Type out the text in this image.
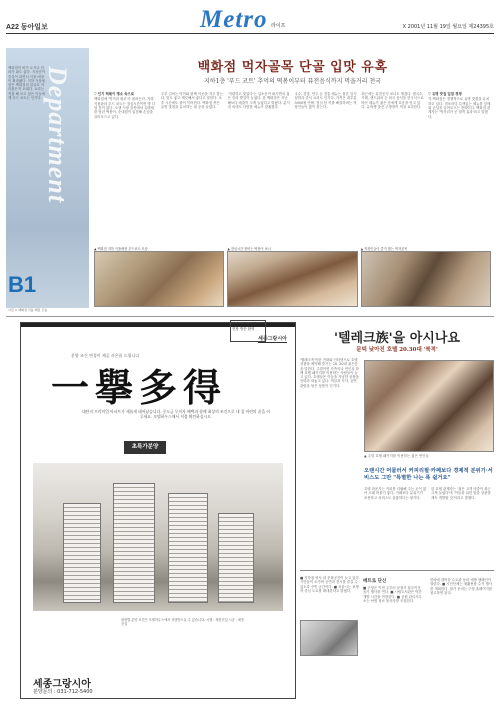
A22 동아일보	Metro 라이프	X 2001년 11월 19일 월요일 제24395호
백화점이 비가 오거나 한파가 와도 좋다. 지상층이 중심이 되면서 식품 매장이 확장됐다. 지하 식품매장은 백화점의 얼굴로 자리잡은지 오래다. 요리는 직접 해 보고 싶은 이들에게 푸드 코트는 인기다. Department
B1
사진 = 백화점 식품 매장 모습
백화점 먹자골목 단골 입맛 유혹
지하1층 '푸드 코트' 추억의 떡볶이부터 퓨전음식까지 먹을거리 천국

▽ 인기 떡볶이 명소 속으로

백화점에 '먹거리 원조'가 몰려든다. 지하 식품관의 푸드 코트는 점심시간이면 발 디딜 틈이 없다. 오랜 시장 골목에서 유명세를 탔던 떡볶이, 순대집이 입점해 손님을 끌어모으고 있다.

주부 김씨는 아이와 함께 이곳을 자주 찾는다. 맛도 좋고 깨끗해서 좋다고 말한다. 오후 시간에도 줄이 이어진다. 백화점 측은 유명 맛집을 유치하는 데 공을 들였다.

'저렴하고 맛있다'는 입소문이 퍼지면서 젊은 층의 발길이 늘었다. 한 백화점은 지난해보다 매출이 크게 늘었다고 밝혔다. 분식점 외에도 다양한 메뉴가 갖춰졌다.

국수, 김밥, 만두 등 전통 메뉴는 물론 일식 덮밥과 중식 요리도 인기다. 가격은 대부분 5000원 안팎. 점심 한 끼를 해결하려는 직장인들이 많이 찾는다.

최근에는 퓨전음식 코너도 생겼다. 쌀국수, 카레, 샌드위치 등 외국 음식을 한국식으로 바꾼 메뉴가 젊은 층에게 호응을 얻고 있다. 유학생 출신 주방장이 직접 요리한다.

▽ 유명 맛집 입점 경쟁

각 백화점은 경쟁적으로 유명 맛집을 유치하고 있다. 점포마다 특색있는 메뉴를 앞세워 손님을 끌어모으는 전략이다. 백화점 관계자는 '먹거리가 곧 집객 효과'라고 말했다.

▲ 백화점 지하 식품매장 푸드코트 모습	▲ 점심시간 붐비는 떡볶이 코너	▲ 직장인들이 즐겨 찾는 먹자골목
세종그랑시아
분양 조건 변경이 제공 사은품 드립니다
一擧多得
대단지 프리미엄 아파트가 새롭게 태어났습니다. 중도금 무이자 혜택과 함께 최상의 조건으로 내 집 마련의 꿈을 이루세요. 모델하우스에서 직접 확인하십시오.
초특가분양
평형별 분양 조건은 모델하우스에서 상담받으실 수 있습니다. 시행 : 세종건설 시공 : 세종건설
세종그랑시아
분양문의 : 031-712-5400
분양문의 모델하우스 현장 방문 환영
'텔레크族'을 아시나요
문턱 낮아진 호텔 20.30대 '북적'
'텔레크족'이란 전화와 인터넷으로 호텔 상품을 예약해 즐기는 20, 30대 젊은층을 말한다. 주말이면 가족이나 연인과 함께 호텔 패키지를 이용하는 사람들이 늘고 있다. 호텔들은 이들을 겨냥한 상품을 잇따라 내놓고 있다. 객실과 식사, 공연 관람을 묶은 상품이 인기다.
▲ 주말 호텔 패키지를 이용하는 젊은 연인들
오랜시간 머물러서 커피리필·카페보다 경제적 분위기·서비스도 그만 "특별한 나는 폭 쉴거요"
호텔 라운지는 커피를 리필해 주는 곳이 많아 오래 머물기 좋다. 카페보다 분위기가 조용하고 서비스도 훌륭하다는 평가다.
한 호텔 관계자는 '젊은 고객 비중이 최근 크게 늘었다'며 '이들을 위한 맞춤 상품을 계속 개발할 것'이라고 말했다.
■ 지하철 역사 내 문화공간이 늘고 있다. 시민들이 오가며 공연과 전시를 즐길 수 있도록 꾸민 공간이다. ■ 서울시는 보행자 중심 도로를 확대한다고 밝혔다.
메트로 단신
■ 구청은 이번 주부터 동절기 불우이웃 돕기 행사를 연다. ■ 시립도서관은 야간 개방 시간을 연장한다. ■ 공원 관리사무소는 낙엽 청소 봉사자를 모집한다.
한파에 대비한 수도관 동파 예방 캠페인이 열린다. ■ 시민단체는 재활용품 수거 행사를 개최한다. 참가 문의는 구청 홈페이지를 참고하면 된다.
